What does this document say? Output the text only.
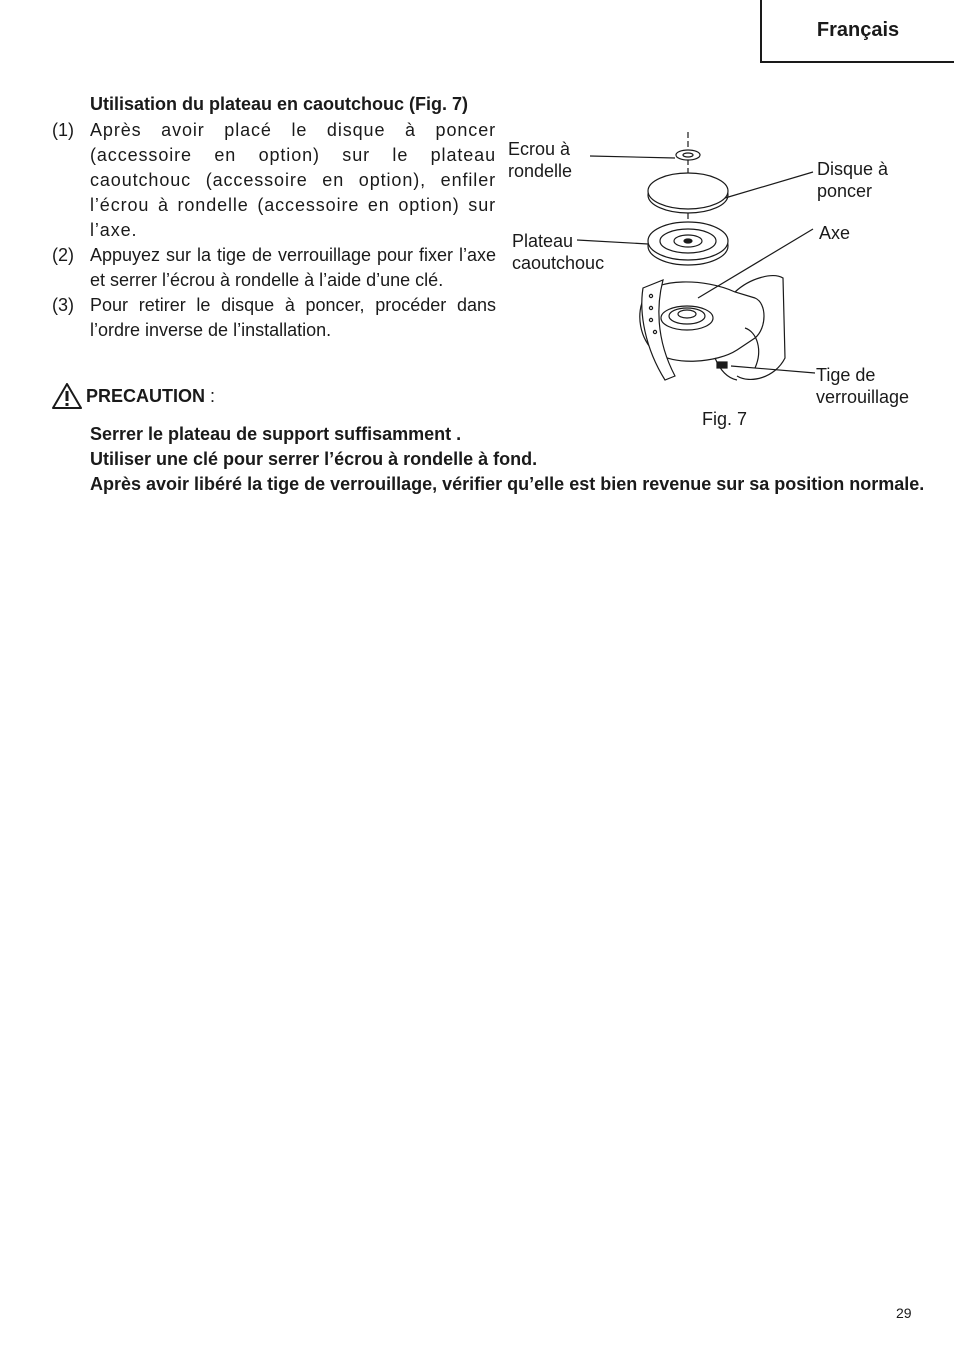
Français
Utilisation du plateau en caoutchouc (Fig. 7)
(1) Après avoir placé le disque à poncer (accessoire en option) sur le plateau caoutchouc (accessoire en option), enfiler l’écrou à rondelle (accessoire en option) sur l’axe.
(2) Appuyez sur la tige de verrouillage pour fixer l’axe et serrer l’écrou à rondelle à l’aide d’une clé.
(3) Pour retirer le disque à poncer, procéder dans l’ordre inverse de l’installation.
PRECAUTION :
Serrer le plateau de support suffisamment .
Utiliser une clé pour serrer l’écrou à rondelle à fond.
Après avoir libéré la tige de verrouillage, vérifier qu’elle est bien revenue sur sa position normale.
Ecrou à
rondelle
Plateau
caoutchouc
Disque à
poncer
Axe
Tige de
verrouillage
Fig. 7
29
